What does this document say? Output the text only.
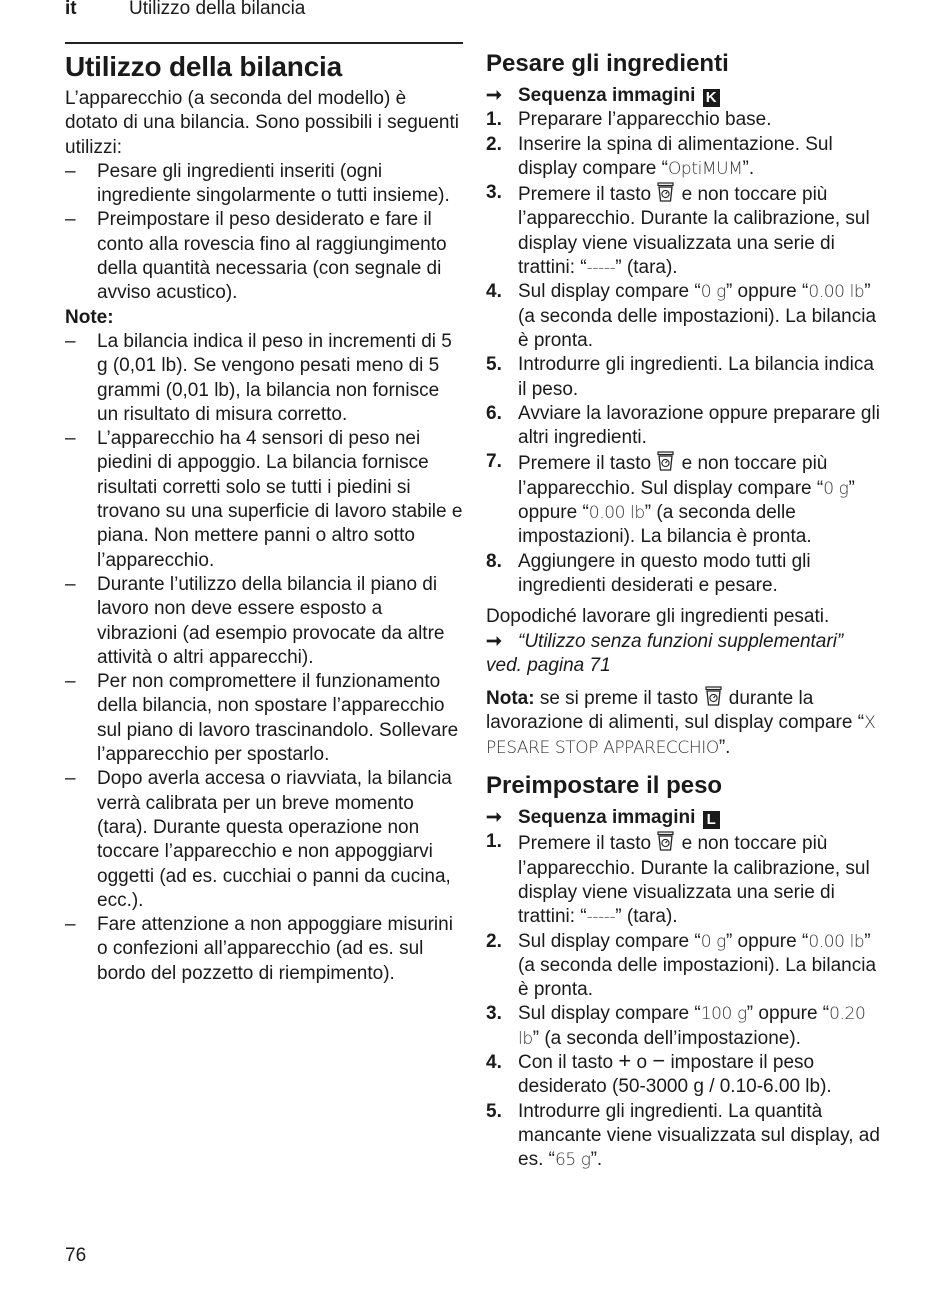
it	Utilizzo della bilancia
Utilizzo della bilancia

L’apparecchio (a seconda del modello) è dotato di una bilancia. Sono possibili i seguenti utilizzi:

– Pesare gli ingredienti inseriti (ogni ingrediente singolarmente o tutti insieme).
– Preimpostare il peso desiderato e fare il conto alla rovescia fino al raggiungimento della quantità necessaria (con segnale di avviso acustico).

Note:

– La bilancia indica il peso in incrementi di 5 g (0,01 lb). Se vengono pesati meno di 5 grammi (0,01 lb), la bilancia non fornisce un risultato di misura corretto.
– L’apparecchio ha 4 sensori di peso nei piedini di appoggio. La bilancia fornisce risultati corretti solo se tutti i piedini si trovano su una superficie di lavoro stabile e piana. Non mettere panni o altro sotto l’apparecchio.
– Durante l’utilizzo della bilancia il piano di lavoro non deve essere esposto a vibrazioni (ad esempio provocate da altre attività o altri apparecchi).
– Per non compromettere il funzionamento della bilancia, non spostare l’apparecchio sul piano di lavoro trascinandolo. Sollevare l’apparecchio per spostarlo.
– Dopo averla accesa o riavviata, la bilancia verrà calibrata per un breve momento (tara). Durante questa operazione non toccare l’apparecchio e non appoggiarvi oggetti (ad es. cucchiai o panni da cucina, ecc.).
– Fare attenzione a non appoggiare misurini o confezioni all’apparecchio (ad es. sul bordo del pozzetto di riempimento).
Pesare gli ingredienti
➞ Sequenza immagini K
1. Preparare l’apparecchio base.
2. Inserire la spina di alimentazione. Sul display compare “OptiMUM”.
3. Premere il tasto  e non toccare più l’apparecchio. Durante la calibrazione, sul display viene visualizzata una serie di trattini: “-----” (tara).
4. Sul display compare “0 g” oppure “0.00 lb” (a seconda delle impostazioni). La bilancia è pronta.
5. Introdurre gli ingredienti. La bilancia indica il peso.
6. Avviare la lavorazione oppure preparare gli altri ingredienti.
7. Premere il tasto  e non toccare più l’apparecchio. Sul display compare “0 g” oppure “0.00 lb” (a seconda delle impostazioni). La bilancia è pronta.
8. Aggiungere in questo modo tutti gli ingredienti desiderati e pesare.

Dopodiché lavorare gli ingredienti pesati.

➞ “Utilizzo senza funzioni supplementari”
ved. pagina 71

Nota: se si preme il tasto  durante la lavorazione di alimenti, sul display compare “X PESARE STOP APPARECCHIO”.

Preimpostare il peso
➞ Sequenza immagini L
1. Premere il tasto  e non toccare più l’apparecchio. Durante la calibrazione, sul display viene visualizzata una serie di trattini: “-----” (tara).
2. Sul display compare “0 g” oppure “0.00 lb” (a seconda delle impostazioni). La bilancia è pronta.
3. Sul display compare “100 g” oppure “0.20 lb” (a seconda dell’impostazione).
4. Con il tasto + o − impostare il peso desiderato (50-3000 g / 0.10-6.00 lb).
5. Introdurre gli ingredienti. La quantità mancante viene visualizzata sul display, ad es. “65 g”.
76
